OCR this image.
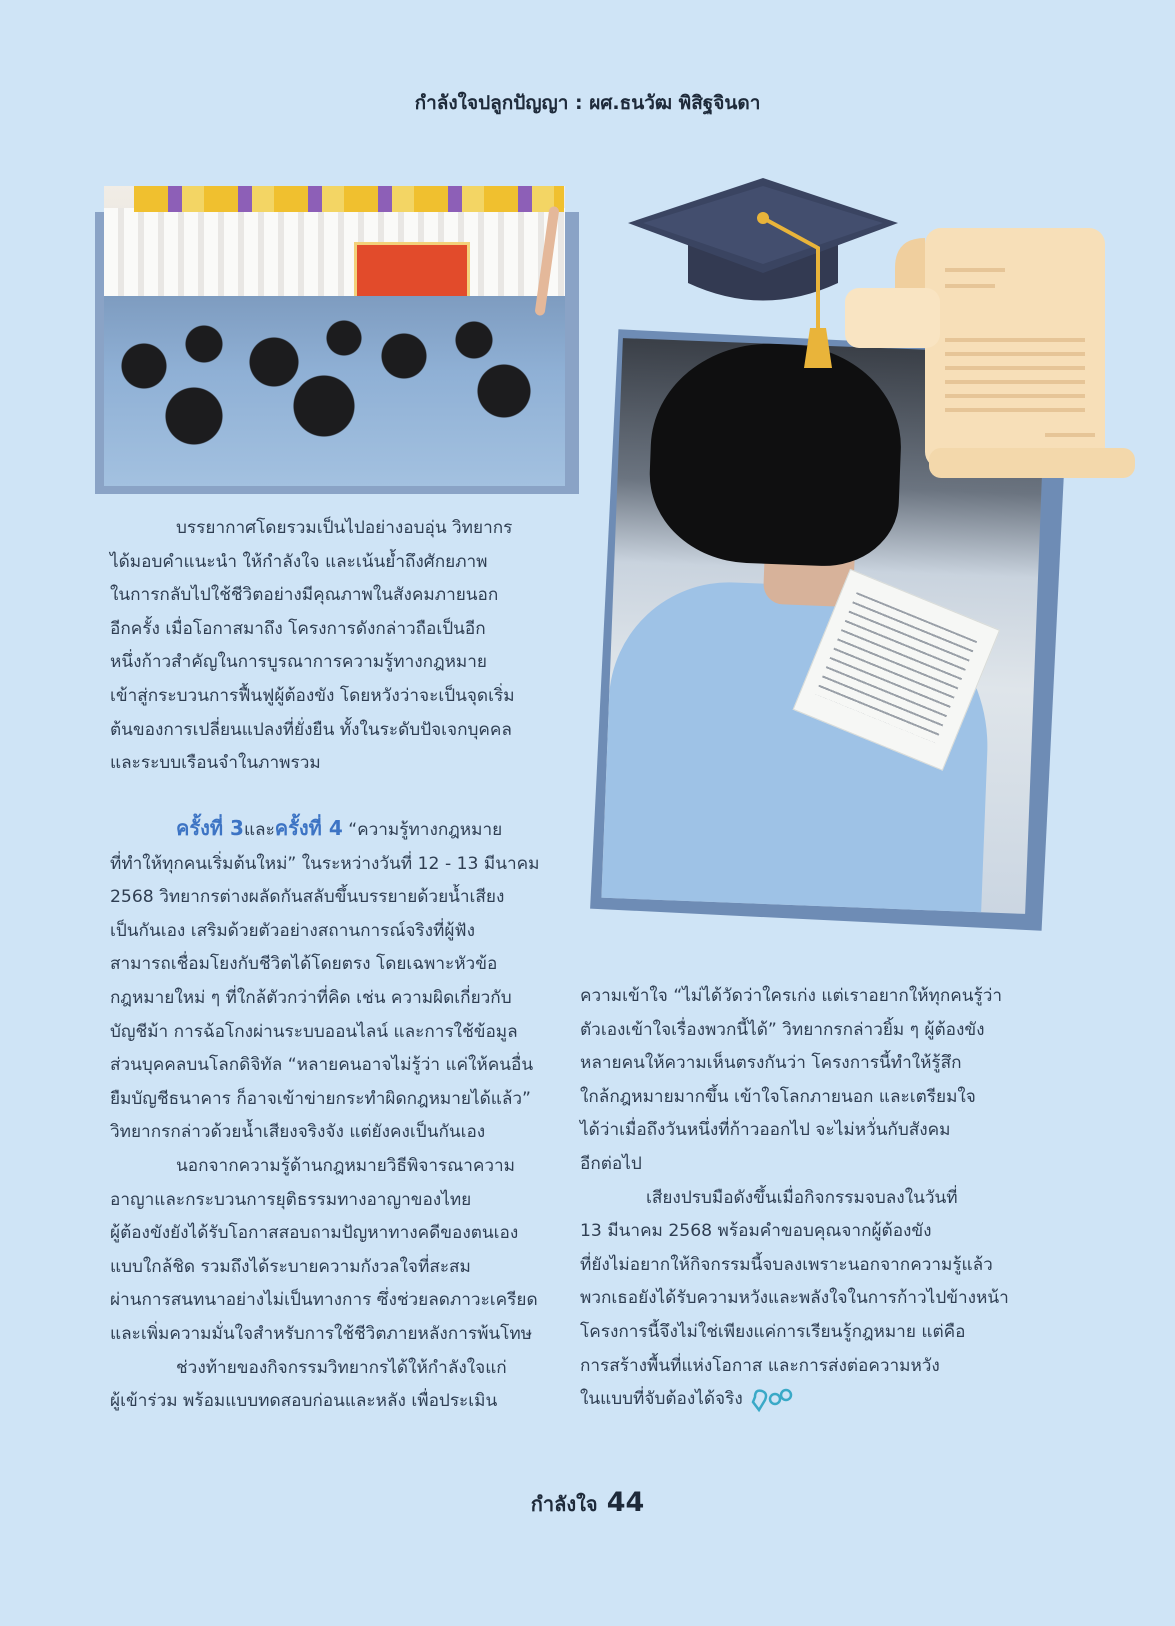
กำลังใจปลูกปัญญา : ผศ.ธนวัฒ พิสิฐจินดา

บรรยากาศโดยรวมเป็นไปอย่างอบอุ่น วิทยากร

ได้มอบคำแนะนำ ให้กำลังใจ และเน้นย้ำถึงศักยภาพ

ในการกลับไปใช้ชีวิตอย่างมีคุณภาพในสังคมภายนอก

อีกครั้ง เมื่อโอกาสมาถึง โครงการดังกล่าวถือเป็นอีก

หนึ่งก้าวสำคัญในการบูรณาการความรู้ทางกฎหมาย

เข้าสู่กระบวนการฟื้นฟูผู้ต้องขัง โดยหวังว่าจะเป็นจุดเริ่ม

ต้นของการเปลี่ยนแปลงที่ยั่งยืน ทั้งในระดับปัจเจกบุคคล

และระบบเรือนจำในภาพรวม

ครั้งที่ 3และครั้งที่ 4 “ความรู้ทางกฎหมาย

ที่ทำให้ทุกคนเริ่มต้นใหม่” ในระหว่างวันที่ 12 - 13 มีนาคม

2568 วิทยากรต่างผลัดกันสลับขึ้นบรรยายด้วยน้ำเสียง

เป็นกันเอง เสริมด้วยตัวอย่างสถานการณ์จริงที่ผู้ฟัง

สามารถเชื่อมโยงกับชีวิตได้โดยตรง โดยเฉพาะหัวข้อ

กฎหมายใหม่ ๆ ที่ใกล้ตัวกว่าที่คิด เช่น ความผิดเกี่ยวกับ

บัญชีม้า การฉ้อโกงผ่านระบบออนไลน์ และการใช้ข้อมูล

ส่วนบุคคลบนโลกดิจิทัล “หลายคนอาจไม่รู้ว่า แค่ให้คนอื่น

ยืมบัญชีธนาคาร ก็อาจเข้าข่ายกระทำผิดกฎหมายได้แล้ว”

วิทยากรกล่าวด้วยน้ำเสียงจริงจัง แต่ยังคงเป็นกันเอง

นอกจากความรู้ด้านกฎหมายวิธีพิจารณาความ

อาญาและกระบวนการยุติธรรมทางอาญาของไทย

ผู้ต้องขังยังได้รับโอกาสสอบถามปัญหาทางคดีของตนเอง

แบบใกล้ชิด รวมถึงได้ระบายความกังวลใจที่สะสม

ผ่านการสนทนาอย่างไม่เป็นทางการ ซึ่งช่วยลดภาวะเครียด

และเพิ่มความมั่นใจสำหรับการใช้ชีวิตภายหลังการพ้นโทษ

ช่วงท้ายของกิจกรรมวิทยากรได้ให้กำลังใจแก่

ผู้เข้าร่วม พร้อมแบบทดสอบก่อนและหลัง เพื่อประเมิน

ความเข้าใจ “ไม่ได้วัดว่าใครเก่ง แต่เราอยากให้ทุกคนรู้ว่า

ตัวเองเข้าใจเรื่องพวกนี้ได้” วิทยากรกล่าวยิ้ม ๆ ผู้ต้องขัง

หลายคนให้ความเห็นตรงกันว่า โครงการนี้ทำให้รู้สึก

ใกล้กฎหมายมากขึ้น เข้าใจโลกภายนอก และเตรียมใจ

ได้ว่าเมื่อถึงวันหนึ่งที่ก้าวออกไป จะไม่หวั่นกับสังคม

อีกต่อไป

เสียงปรบมือดังขึ้นเมื่อกิจกรรมจบลงในวันที่

13 มีนาคม 2568 พร้อมคำขอบคุณจากผู้ต้องขัง

ที่ยังไม่อยากให้กิจกรรมนี้จบลงเพราะนอกจากความรู้แล้ว

พวกเธอยังได้รับความหวังและพลังใจในการก้าวไปข้างหน้า

โครงการนี้จึงไม่ใช่เพียงแค่การเรียนรู้กฎหมาย แต่คือ

การสร้างพื้นที่แห่งโอกาส และการส่งต่อความหวัง

ในแบบที่จับต้องได้จริง

กำลังใจ 44
